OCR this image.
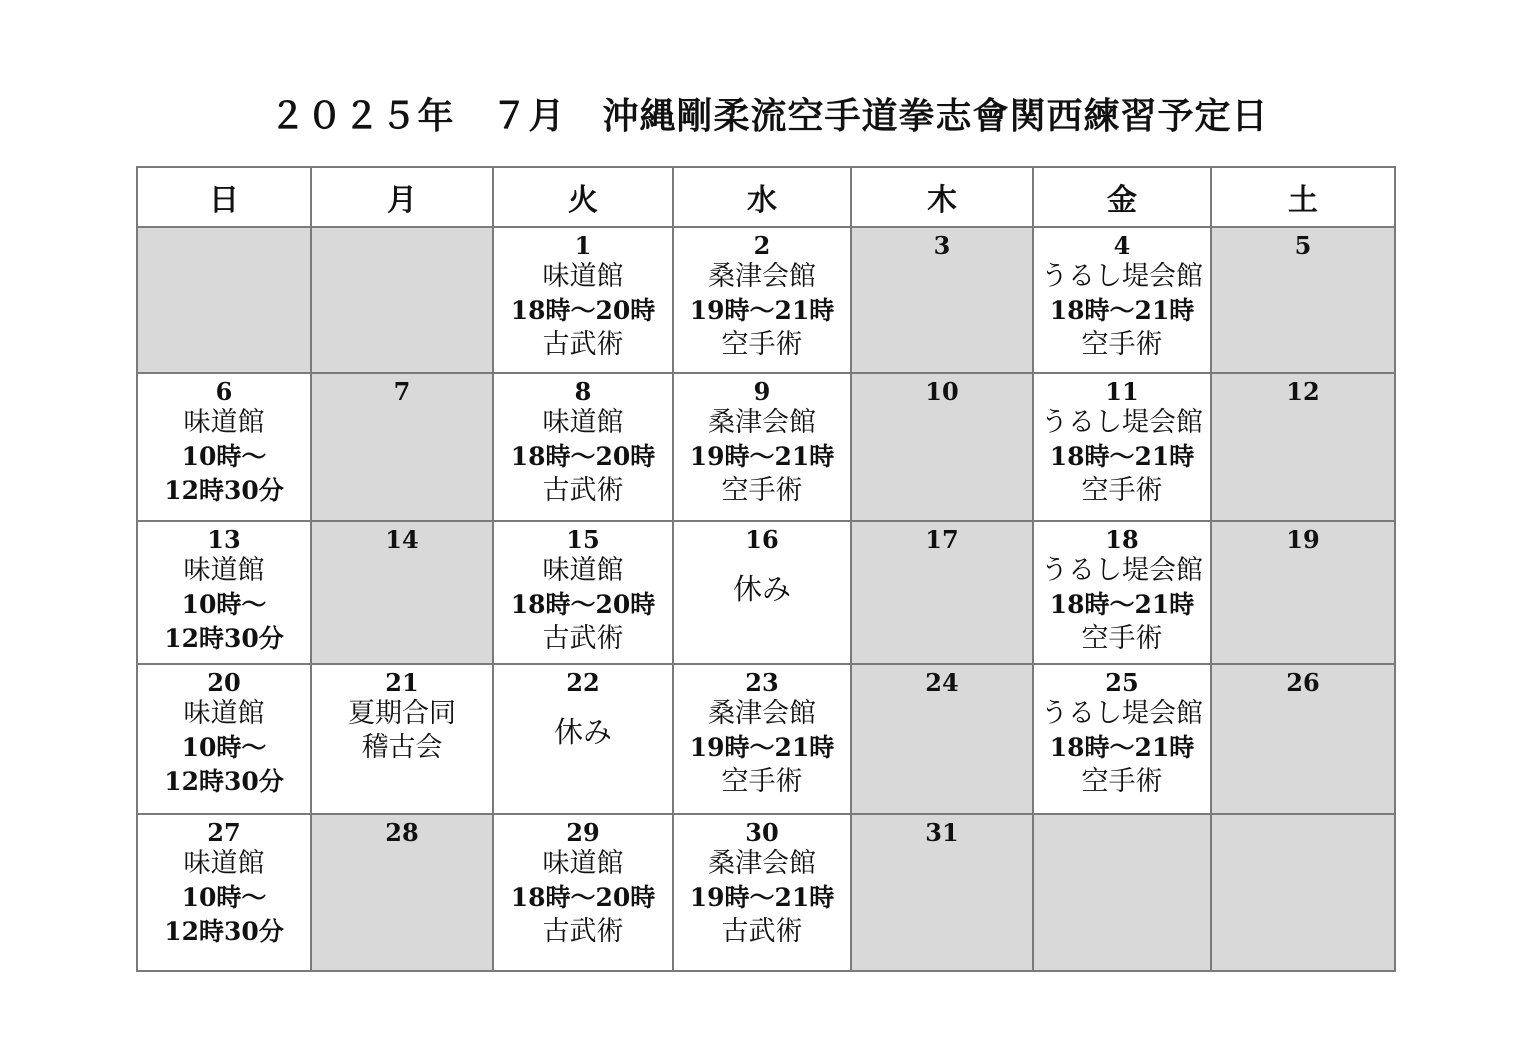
２０２５年　７月　沖縄剛柔流空手道拳志會関西練習予定日
日	月	火	水	木	金	土

		1
味道館
18時〜20時
古武術	2
桑津会館
19時〜21時
空手術	3	4
うるし堤会館
18時〜21時
空手術	5

6
味道館
10時〜
12時30分	7	8
味道館
18時〜20時
古武術	9
桑津会館
19時〜21時
空手術	10	11
うるし堤会館
18時〜21時
空手術	12

13
味道館
10時〜
12時30分	14	15
味道館
18時〜20時
古武術	16
休み	17	18
うるし堤会館
18時〜21時
空手術	19

20
味道館
10時〜
12時30分	21
夏期合同
稽古会	22
休み	23
桑津会館
19時〜21時
空手術	24	25
うるし堤会館
18時〜21時
空手術	26

27
味道館
10時〜
12時30分	28	29
味道館
18時〜20時
古武術	30
桑津会館
19時〜21時
古武術	31		
